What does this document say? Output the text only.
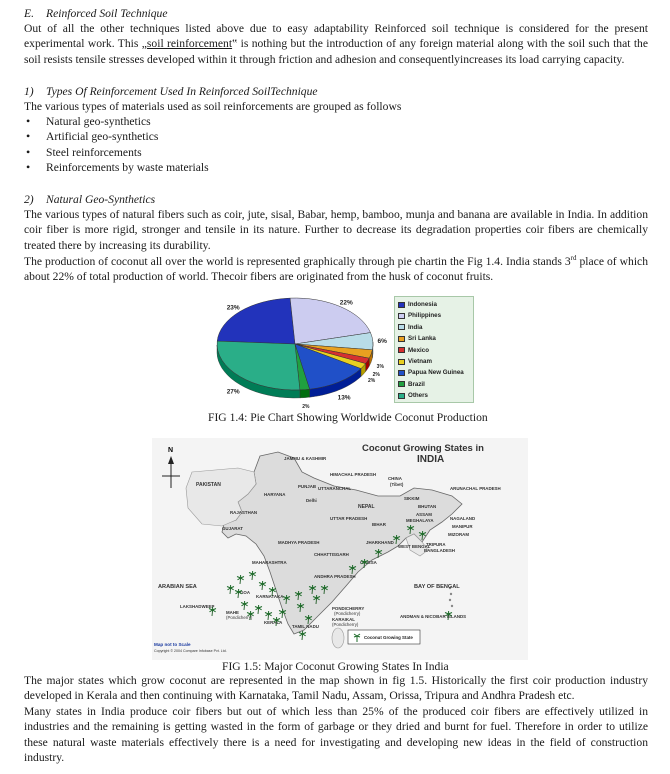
E. Reinforced Soil Technique

Out of all the other techniques listed above due to easy adaptability Reinforced soil technique is considered for the present experimental work. This „soil reinforcement‟ is nothing but the introduction of any foreign material along with the soil such that the soil resists tensile stresses developed within it through friction and adhesion and consequentlyincreases its load carrying capacity.

1) Types Of Reinforcement Used In Reinforced SoilTechnique

The various types of materials used as soil reinforcements are grouped as follows

• Natural geo-synthetics
• Artificial geo-synthetics
• Steel reinforcements
• Reinforcements by waste materials

2) Natural Geo-Synthetics

The various types of natural fibers such as coir, jute, sisal, Babar, hemp, bamboo, munja and banana are available in India. In addition coir fiber is more rigid, stronger and tensile in its nature. Further to decrease its degradation properties coir fibers are chemically treated there by increasing its durability.

The production of coconut all over the world is represented graphically through pie chartin the Fig 1.4. India stands 3rd place of which about 22% of total production of world. Thecoir fibers are originated from the husk of coconut fruits.

23%
22%
6%
3%
2%
2%
13%
2%
27%
Indonesia
Philippines
India
Sri Lanka
Mexico
Vietnam
Papua New Guinea
Brazil
Others

FIG 1.4: Pie Chart Showing Worldwide Coconut Production

N	Coconut Growing States in
INDIA
JAMMU & KASHMIR
HIMACHAL PRADESH
PUNJAB
HARYANA
Delhi
UTTARANCHAL
CHINA
(Tibet)
ARUNACHAL PRADESH
SIKKIM
NEPAL	BHUTAN
ASSAM
MEGHALAYA	NAGALAND
MANIPUR
MIZORAM
TRIPURA
BANGLADESH
PAKISTAN
RAJASTHAN
UTTAR PRADESH
BIHAR
GUJARAT
MADHYA PRADESH	JHARKHAND
WEST BENGAL
CHHATTISGARH
ORISSA
MAHARASHTRA
ANDHRA PRADESH
GOA
KARNATAKA
TAMIL NADU
KERALA
MAHE
(Pondicherry)
LAKSHADWEEP	PONDICHERRY
(Pondicherry)
KARAIKAL
(Pondicherry)
ANDMAN & NICOBAR ISLANDS
ARABIAN SEA	BAY OF BENGAL
Coconut Growing State
Map not to Scale
Copyright © 2004 Compare Infobase Pvt. Ltd.

FIG 1.5: Major Coconut Growing States In India

The major states which grow coconut are represented in the map shown in fig 1.5. Historically the first coir production industry developed in Kerala and then continuing with Karnataka, Tamil Nadu, Assam, Orissa, Tripura and Andhra Pradesh etc.

Many states in India produce coir fibers but out of which less than 25% of the produced coir fibers are effectively utilized in industries and the remaining is getting wasted in the form of garbage or they dried and burnt for fuel. Therefore in order to utilize these natural waste materials effectively there is a need for investigating and developing new ideas in the field of construction industry.
